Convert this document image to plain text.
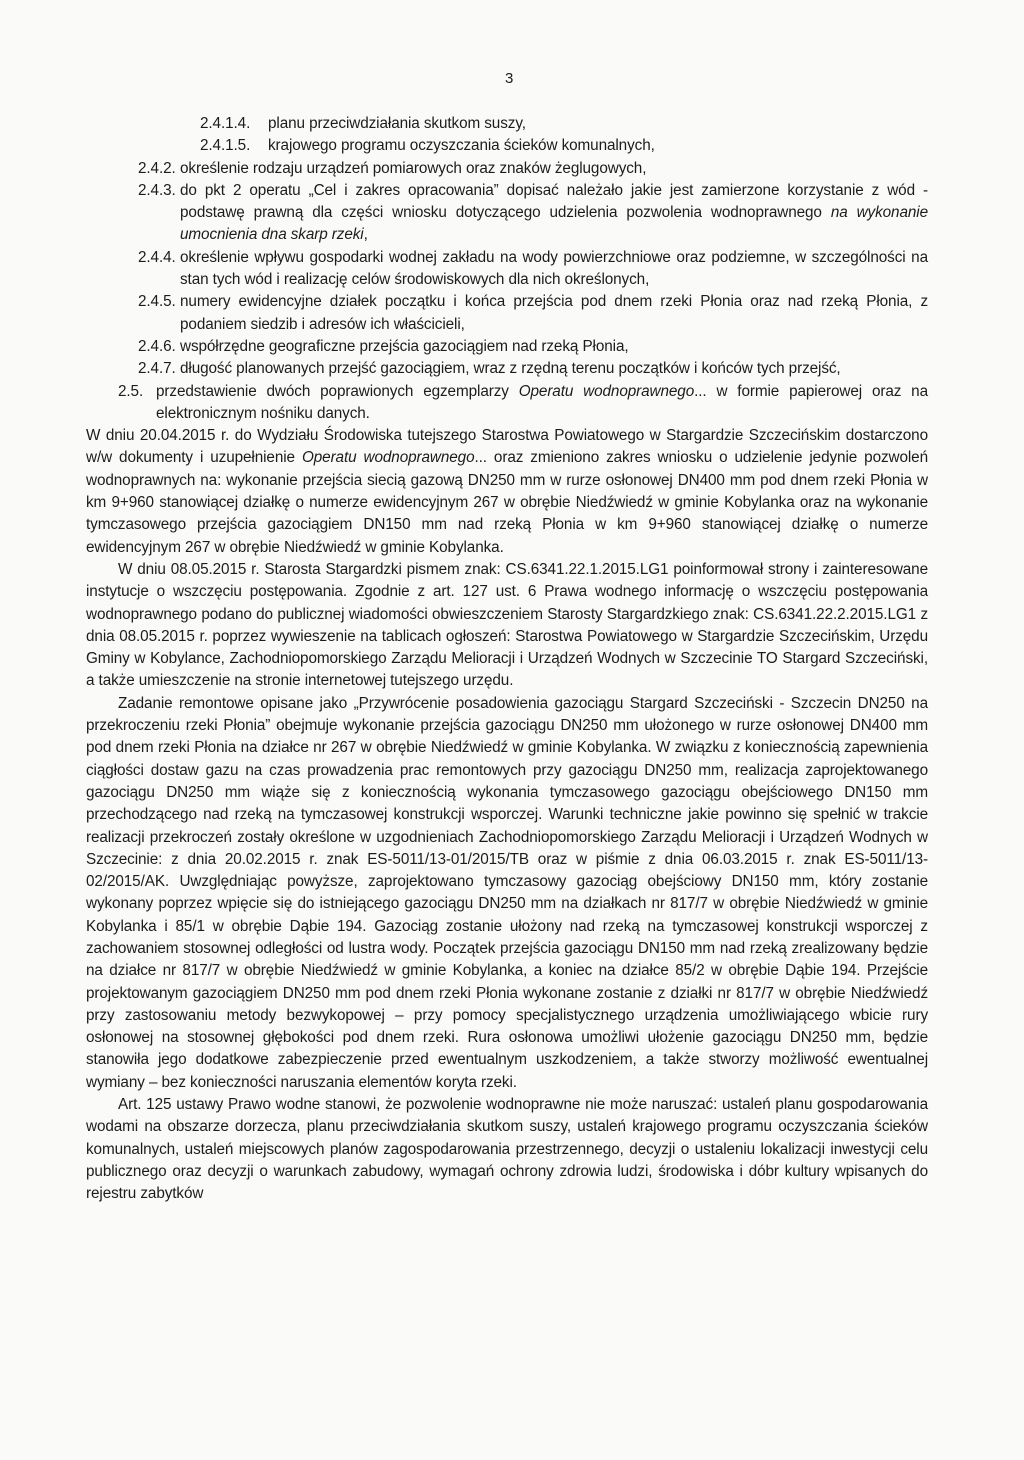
3
2.4.1.4.	planu przeciwdziałania skutkom suszy,
2.4.1.5.	krajowego programu oczyszczania ścieków komunalnych,
2.4.2. określenie rodzaju urządzeń pomiarowych oraz znaków żeglugowych,
2.4.3. do pkt 2 operatu „Cel i zakres opracowania” dopisać należało jakie jest zamierzone korzystanie z wód - podstawę prawną dla części wniosku dotyczącego udzielenia pozwolenia wodnoprawnego na wykonanie umocnienia dna skarp rzeki,
2.4.4. określenie wpływu gospodarki wodnej zakładu na wody powierzchniowe oraz podziemne, w szczególności na stan tych wód i realizację celów środowiskowych dla nich określonych,
2.4.5. numery ewidencyjne działek początku i końca przejścia pod dnem rzeki Płonia oraz nad rzeką Płonia, z podaniem siedzib i adresów ich właścicieli,
2.4.6. współrzędne geograficzne przejścia gazociągiem nad rzeką Płonia,
2.4.7. długość planowanych przejść gazociągiem, wraz z rzędną terenu początków i końców tych przejść,
2.5. przedstawienie dwóch poprawionych egzemplarzy Operatu wodnoprawnego... w formie papierowej oraz na elektronicznym nośniku danych.

W dniu 20.04.2015 r. do Wydziału Środowiska tutejszego Starostwa Powiatowego w Stargardzie Szczecińskim dostarczono w/w dokumenty i uzupełnienie Operatu wodnoprawnego... oraz zmieniono zakres wniosku o udzielenie jedynie pozwoleń wodnoprawnych na: wykonanie przejścia siecią gazową DN250 mm w rurze osłonowej DN400 mm pod dnem rzeki Płonia w km 9+960 stanowiącej działkę o numerze ewidencyjnym 267 w obrębie Niedźwiedź w gminie Kobylanka oraz na wykonanie tymczasowego przejścia gazociągiem DN150 mm nad rzeką Płonia w km 9+960 stanowiącej działkę o numerze ewidencyjnym 267 w obrębie Niedźwiedź w gminie Kobylanka.

W dniu 08.05.2015 r. Starosta Stargardzki pismem znak: CS.6341.22.1.2015.LG1 poinformował strony i zainteresowane instytucje o wszczęciu postępowania. Zgodnie z art. 127 ust. 6 Prawa wodnego informację o wszczęciu postępowania wodnoprawnego podano do publicznej wiadomości obwieszczeniem Starosty Stargardzkiego znak: CS.6341.22.2.2015.LG1 z dnia 08.05.2015 r. poprzez wywieszenie na tablicach ogłoszeń: Starostwa Powiatowego w Stargardzie Szczecińskim, Urzędu Gminy w Kobylance, Zachodniopomorskiego Zarządu Melioracji i Urządzeń Wodnych w Szczecinie TO Stargard Szczeciński, a także umieszczenie na stronie internetowej tutejszego urzędu.

Zadanie remontowe opisane jako „Przywrócenie posadowienia gazociągu Stargard Szczeciński - Szczecin DN250 na przekroczeniu rzeki Płonia” obejmuje wykonanie przejścia gazociągu DN250 mm ułożonego w rurze osłonowej DN400 mm pod dnem rzeki Płonia na działce nr 267 w obrębie Niedźwiedź w gminie Kobylanka. W związku z koniecznością zapewnienia ciągłości dostaw gazu na czas prowadzenia prac remontowych przy gazociągu DN250 mm, realizacja zaprojektowanego gazociągu DN250 mm wiąże się z koniecznością wykonania tymczasowego gazociągu obejściowego DN150 mm przechodzącego nad rzeką na tymczasowej konstrukcji wsporczej. Warunki techniczne jakie powinno się spełnić w trakcie realizacji przekroczeń zostały określone w uzgodnieniach Zachodniopomorskiego Zarządu Melioracji i Urządzeń Wodnych w Szczecinie: z dnia 20.02.2015 r. znak ES-5011/13-01/2015/TB oraz w piśmie z dnia 06.03.2015 r. znak ES-5011/13-02/2015/AK. Uwzględniając powyższe, zaprojektowano tymczasowy gazociąg obejściowy DN150 mm, który zostanie wykonany poprzez wpięcie się do istniejącego gazociągu DN250 mm na działkach nr 817/7 w obrębie Niedźwiedź w gminie Kobylanka i 85/1 w obrębie Dąbie 194. Gazociąg zostanie ułożony nad rzeką na tymczasowej konstrukcji wsporczej z zachowaniem stosownej odległości od lustra wody. Początek przejścia gazociągu DN150 mm nad rzeką zrealizowany będzie na działce nr 817/7 w obrębie Niedźwiedź w gminie Kobylanka, a koniec na działce 85/2 w obrębie Dąbie 194. Przejście projektowanym gazociągiem DN250 mm pod dnem rzeki Płonia wykonane zostanie z działki nr 817/7 w obrębie Niedźwiedź przy zastosowaniu metody bezwykopowej – przy pomocy specjalistycznego urządzenia umożliwiającego wbicie rury osłonowej na stosownej głębokości pod dnem rzeki. Rura osłonowa umożliwi ułożenie gazociągu DN250 mm, będzie stanowiła jego dodatkowe zabezpieczenie przed ewentualnym uszkodzeniem, a także stworzy możliwość ewentualnej wymiany – bez konieczności naruszania elementów koryta rzeki.

Art. 125 ustawy Prawo wodne stanowi, że pozwolenie wodnoprawne nie może naruszać: ustaleń planu gospodarowania wodami na obszarze dorzecza, planu przeciwdziałania skutkom suszy, ustaleń krajowego programu oczyszczania ścieków komunalnych, ustaleń miejscowych planów zagospodarowania przestrzennego, decyzji o ustaleniu lokalizacji inwestycji celu publicznego oraz decyzji o warunkach zabudowy, wymagań ochrony zdrowia ludzi, środowiska i dóbr kultury wpisanych do rejestru zabytków
